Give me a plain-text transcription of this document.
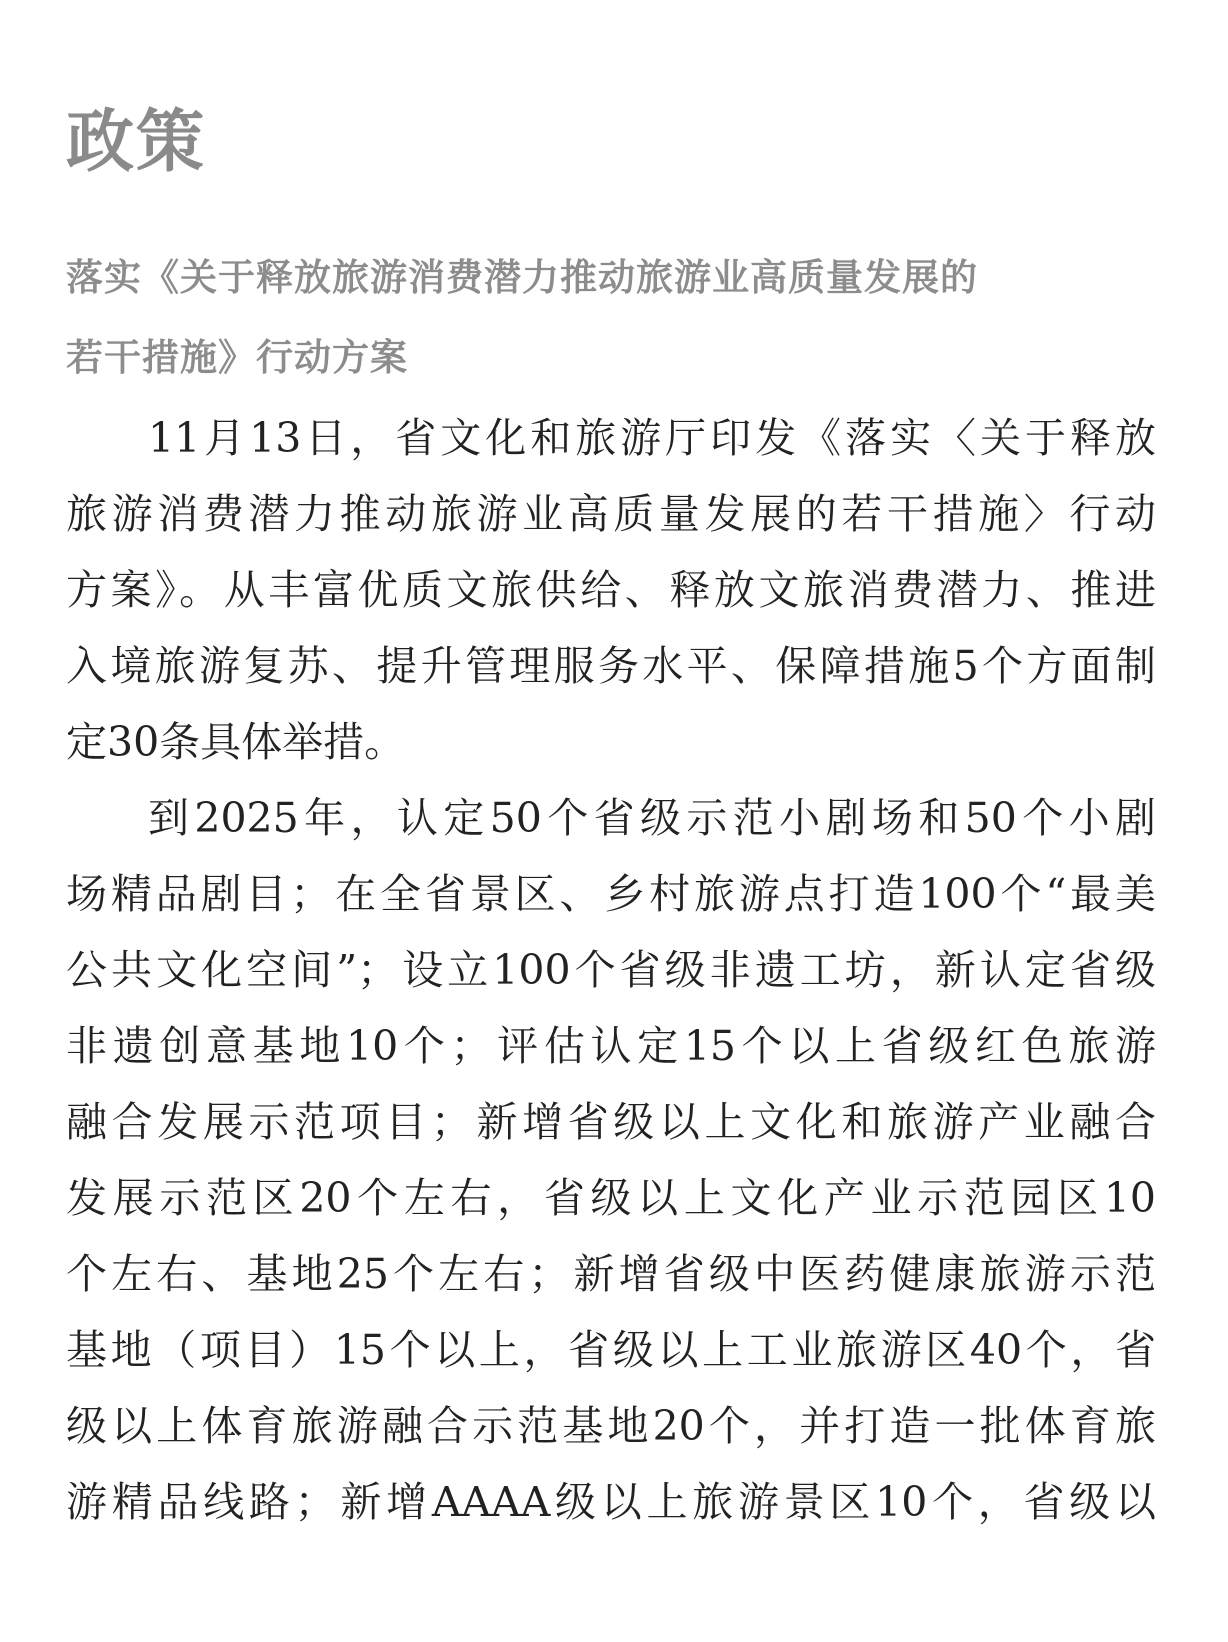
政策
落实《关于释放旅游消费潜力推动旅游业高质量发展的
若干措施》行动方案
11月13日，省文化和旅游厅印发《落实〈关于释放
旅游消费潜力推动旅游业高质量发展的若干措施〉行动
方案》。从丰富优质文旅供给、释放文旅消费潜力、推进
入境旅游复苏、提升管理服务水平、保障措施5个方面制
定30条具体举措。
到2025年，认定50个省级示范小剧场和50个小剧
场精品剧目；在全省景区、乡村旅游点打造100个“最美
公共文化空间”；设立100个省级非遗工坊，新认定省级
非遗创意基地10个；评估认定15个以上省级红色旅游
融合发展示范项目；新增省级以上文化和旅游产业融合
发展示范区20个左右，省级以上文化产业示范园区10
个左右、基地25个左右；新增省级中医药健康旅游示范
基地（项目）15个以上，省级以上工业旅游区40个，省
级以上体育旅游融合示范基地20个，并打造一批体育旅
游精品线路；新增AAAA级以上旅游景区10个，省级以
